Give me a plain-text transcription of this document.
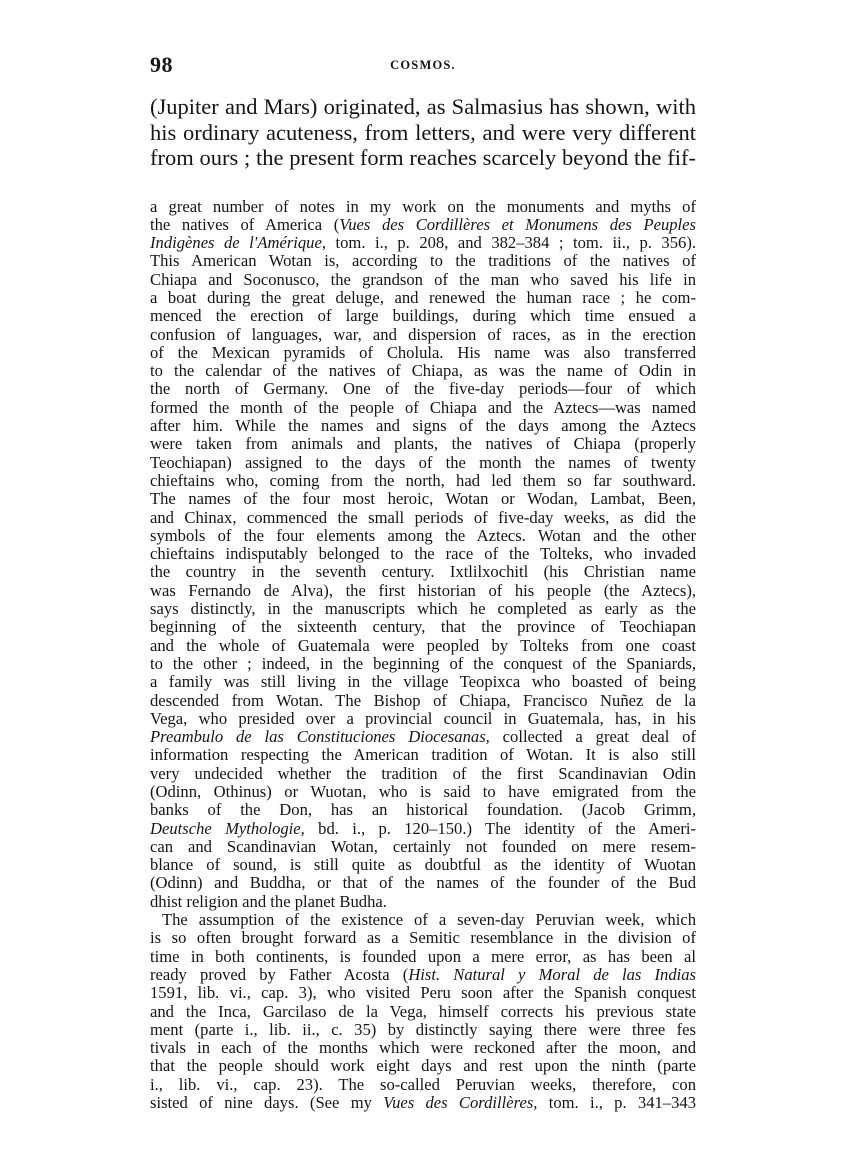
98	COSMOS.
(Jupiter and Mars) originated, as Salmasius has shown, with
his ordinary acuteness, from letters, and were very different
from ours ; the present form reaches scarcely beyond the fif-
a great number of notes in my work on the monuments and myths of
the natives of America (Vues des Cordillères et Monumens des Peuples
Indigènes de l'Amérique, tom. i., p. 208, and 382–384 ; tom. ii., p. 356).
This American Wotan is, according to the traditions of the natives of
Chiapa and Soconusco, the grandson of the man who saved his life in
a boat during the great deluge, and renewed the human race ; he com-
menced the erection of large buildings, during which time ensued a
confusion of languages, war, and dispersion of races, as in the erection
of the Mexican pyramids of Cholula. His name was also transferred
to the calendar of the natives of Chiapa, as was the name of Odin in
the north of Germany. One of the five-day periods—four of which
formed the month of the people of Chiapa and the Aztecs—was named
after him. While the names and signs of the days among the Aztecs
were taken from animals and plants, the natives of Chiapa (properly
Teochiapan) assigned to the days of the month the names of twenty
chieftains who, coming from the north, had led them so far southward.
The names of the four most heroic, Wotan or Wodan, Lambat, Been,
and Chinax, commenced the small periods of five-day weeks, as did the
symbols of the four elements among the Aztecs. Wotan and the other
chieftains indisputably belonged to the race of the Tolteks, who invaded
the country in the seventh century. Ixtlilxochitl (his Christian name
was Fernando de Alva), the first historian of his people (the Aztecs),
says distinctly, in the manuscripts which he completed as early as the
beginning of the sixteenth century, that the province of Teochiapan
and the whole of Guatemala were peopled by Tolteks from one coast
to the other ; indeed, in the beginning of the conquest of the Spaniards,
a family was still living in the village Teopixca who boasted of being
descended from Wotan. The Bishop of Chiapa, Francisco Nuñez de la
Vega, who presided over a provincial council in Guatemala, has, in his
Preambulo de las Constituciones Diocesanas, collected a great deal of
information respecting the American tradition of Wotan. It is also still
very undecided whether the tradition of the first Scandinavian Odin
(Odinn, Othinus) or Wuotan, who is said to have emigrated from the
banks of the Don, has an historical foundation. (Jacob Grimm,
Deutsche Mythologie, bd. i., p. 120–150.) The identity of the Ameri-
can and Scandinavian Wotan, certainly not founded on mere resem-
blance of sound, is still quite as doubtful as the identity of Wuotan
(Odinn) and Buddha, or that of the names of the founder of the Bud
dhist religion and the planet Budha.
The assumption of the existence of a seven-day Peruvian week, which
is so often brought forward as a Semitic resemblance in the division of
time in both continents, is founded upon a mere error, as has been al
ready proved by Father Acosta (Hist. Natural y Moral de las Indias
1591, lib. vi., cap. 3), who visited Peru soon after the Spanish conquest
and the Inca, Garcilaso de la Vega, himself corrects his previous state
ment (parte i., lib. ii., c. 35) by distinctly saying there were three fes
tivals in each of the months which were reckoned after the moon, and
that the people should work eight days and rest upon the ninth (parte
i., lib. vi., cap. 23). The so-called Peruvian weeks, therefore, con
sisted of nine days. (See my Vues des Cordillères, tom. i., p. 341–343
